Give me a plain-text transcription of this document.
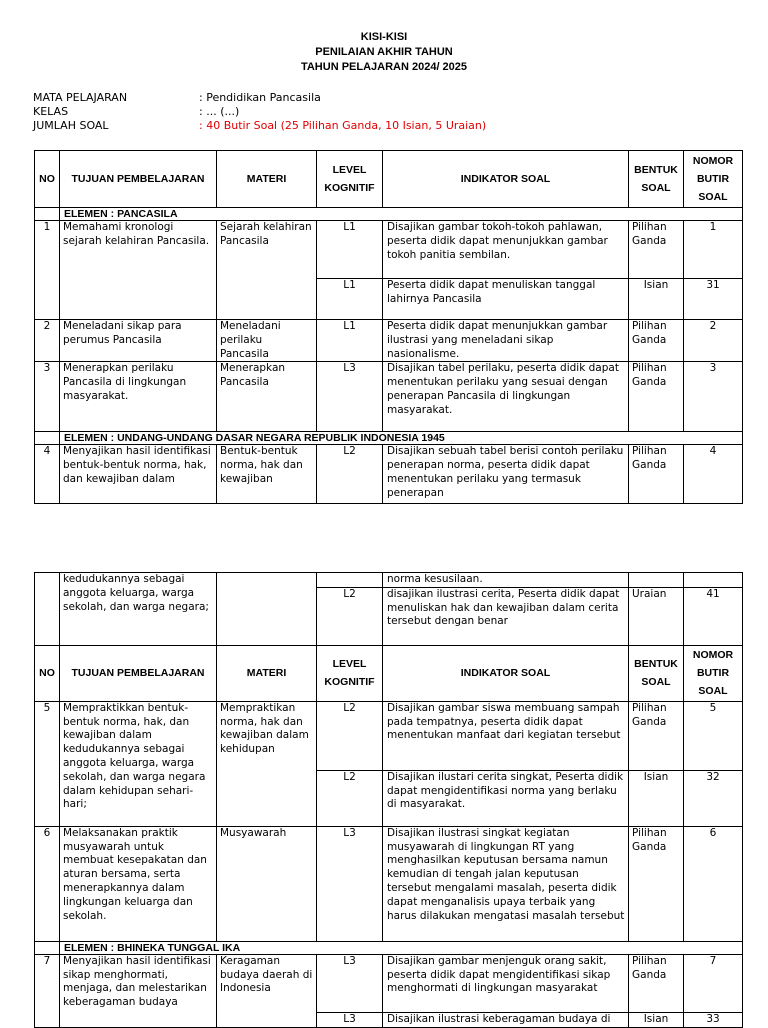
KISI-KISI
PENILAIAN AKHIR TAHUN
TAHUN PELAJARAN 2024/ 2025
MATA PELAJARAN	: Pendidikan Pancasila
KELAS	: ... (...)
JUMLAH SOAL	: 40 Butir Soal (25 Pilihan Ganda, 10 Isian, 5 Uraian)
NO	TUJUAN PEMBELAJARAN	MATERI	LEVEL KOGNITIF	INDIKATOR SOAL	BENTUK SOAL	NOMOR BUTIR SOAL
	ELEMEN : PANCASILA					
1	Memahami kronologi sejarah kelahiran Pancasila.	Sejarah kelahiran Pancasila	L1	Disajikan gambar tokoh-tokoh pahlawan, peserta didik dapat menunjukkan gambar tokoh panitia sembilan.	Pilihan Ganda	1
			L1	Peserta didik dapat menuliskan tanggal lahirnya Pancasila	Isian	31
2	Meneladani sikap para perumus Pancasila	Meneladani perilaku Pancasila	L1	Peserta didik dapat menunjukkan gambar ilustrasi yang meneladani sikap nasionalisme.	Pilihan Ganda	2
3	Menerapkan perilaku Pancasila di lingkungan masyarakat.	Menerapkan Pancasila	L3	Disajikan tabel perilaku, peserta didik dapat menentukan perilaku yang sesuai dengan penerapan Pancasila di lingkungan masyarakat.	Pilihan Ganda	3
	ELEMEN : UNDANG-UNDANG DASAR NEGARA REPUBLIK INDONESIA 1945					
4	Menyajikan hasil identifikasi bentuk-bentuk norma, hak, dan kewajiban dalam	Bentuk-bentuk norma, hak dan kewajiban	L2	Disajikan sebuah tabel berisi contoh perilaku penerapan norma, peserta didik dapat menentukan perilaku yang termasuk penerapan	Pilihan Ganda	4
	kedudukannya sebagai anggota keluarga, warga sekolah, dan warga negara;			norma kesusilaan.		
			L2	disajikan ilustrasi cerita, Peserta didik dapat menuliskan hak dan kewajiban dalam cerita tersebut dengan benar	Uraian	41
NO	TUJUAN PEMBELAJARAN	MATERI	LEVEL KOGNITIF	INDIKATOR SOAL	BENTUK SOAL	NOMOR BUTIR SOAL
5	Mempraktikkan bentuk-bentuk norma, hak, dan kewajiban dalam kedudukannya sebagai anggota keluarga, warga sekolah, dan warga negara dalam kehidupan sehari-hari;	Mempraktikan norma, hak dan kewajiban dalam kehidupan	L2	Disajikan gambar siswa membuang sampah pada tempatnya, peserta didik dapat menentukan manfaat dari kegiatan tersebut	Pilihan Ganda	5
			L2	Disajikan ilustari cerita singkat, Peserta didik dapat mengidentifikasi norma yang berlaku di masyarakat.	Isian	32
6	Melaksanakan praktik musyawarah untuk membuat kesepakatan dan aturan bersama, serta menerapkannya dalam lingkungan keluarga dan sekolah.	Musyawarah	L3	Disajikan ilustrasi singkat kegiatan musyawarah di lingkungan RT yang menghasilkan keputusan bersama namun kemudian di tengah jalan keputusan tersebut mengalami masalah, peserta didik dapat menganalisis upaya terbaik yang harus dilakukan mengatasi masalah tersebut	Pilihan Ganda	6
	ELEMEN : BHINEKA TUNGGAL IKA					
7	Menyajikan hasil identifikasi sikap menghormati, menjaga, dan melestarikan keberagaman budaya	Keragaman budaya daerah di Indonesia	L3	Disajikan gambar menjenguk orang sakit, peserta didik dapat mengidentifikasi sikap menghormati di lingkungan masyarakat	Pilihan Ganda	7
			L3	Disajikan ilustrasi keberagaman budaya di	Isian	33
